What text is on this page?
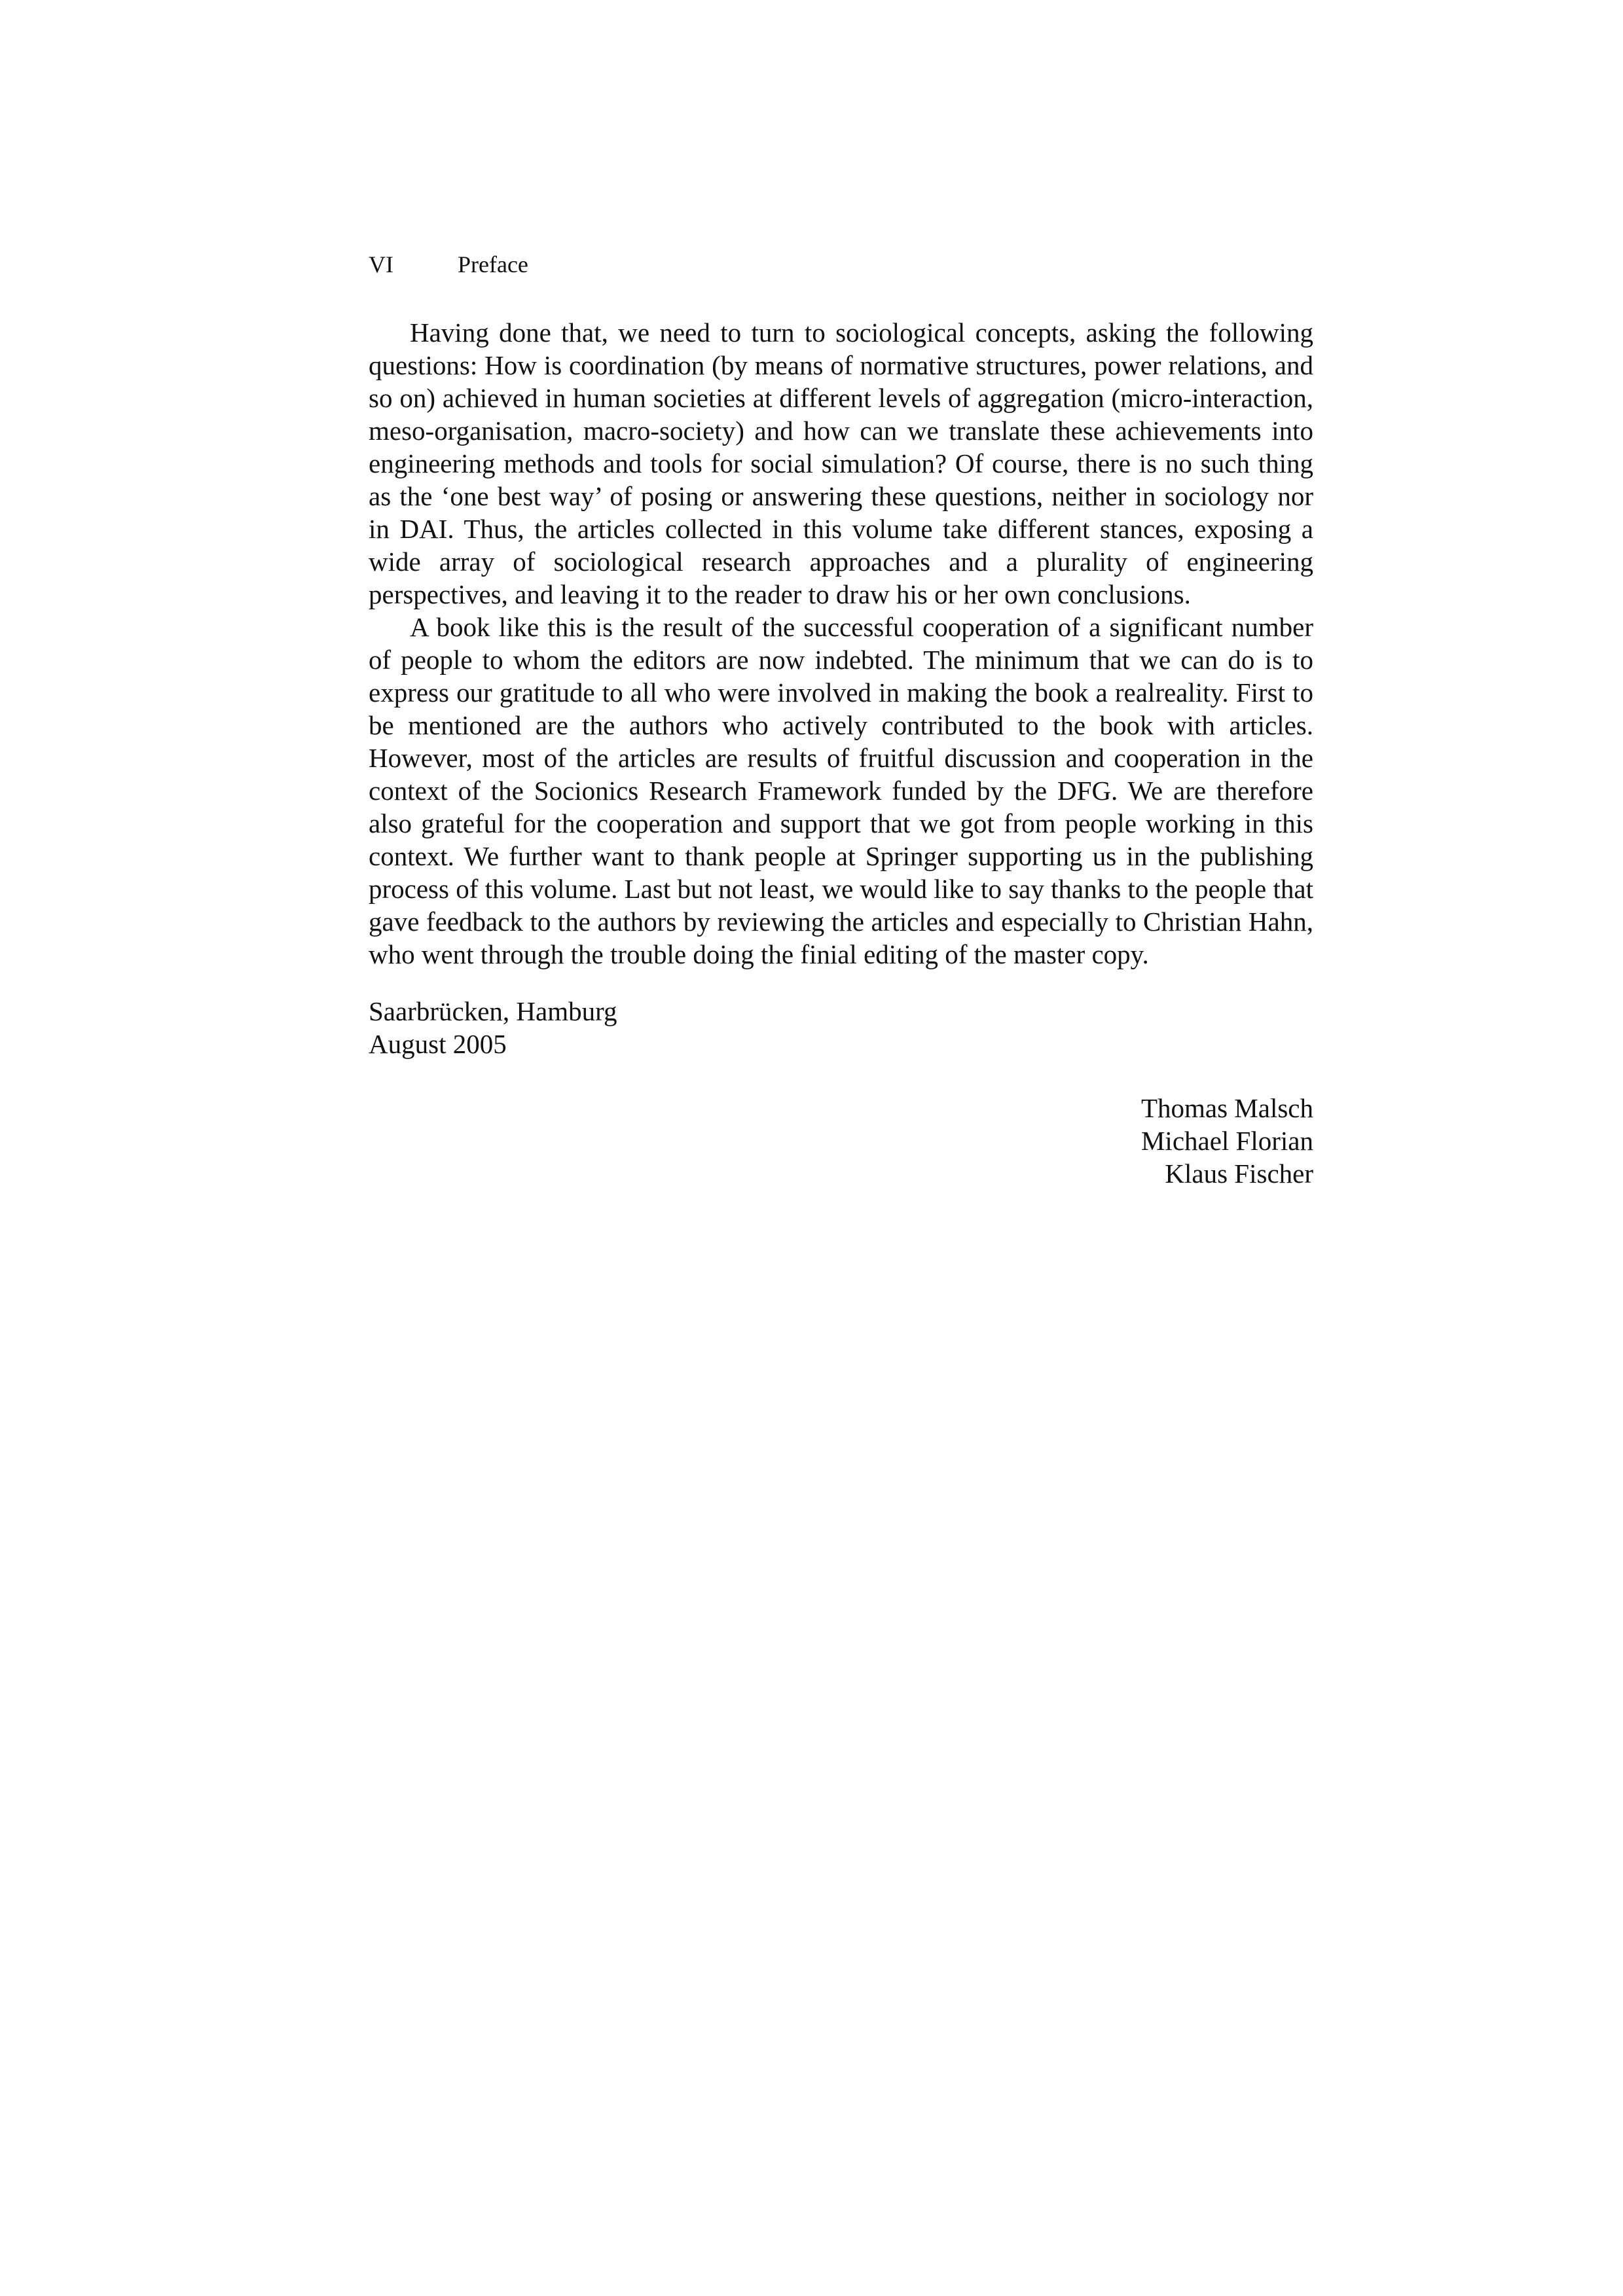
VI	Preface

Having done that, we need to turn to sociological concepts, asking the following questions: How is coordination (by means of normative structures, power relations, and so on) achieved in human societies at different levels of aggregation (micro-interaction, meso-organisation, macro-society) and how can we translate these achievements into engineering methods and tools for social simulation? Of course, there is no such thing as the ‘one best way’ of posing or answering these questions, neither in sociology nor in DAI. Thus, the articles collected in this volume take different stances, exposing a wide array of sociological research approaches and a plurality of engineering perspectives, and leaving it to the reader to draw his or her own conclusions.

A book like this is the result of the successful cooperation of a significant number of people to whom the editors are now indebted. The minimum that we can do is to express our gratitude to all who were involved in making the book a realreality. First to be mentioned are the authors who actively contributed to the book with articles. However, most of the articles are results of fruitful discussion and cooperation in the context of the Socionics Research Framework funded by the DFG. We are therefore also grateful for the cooperation and support that we got from people working in this context. We further want to thank people at Springer supporting us in the publishing process of this volume. Last but not least, we would like to say thanks to the people that gave feedback to the authors by reviewing the articles and especially to Christian Hahn, who went through the trouble doing the finial editing of the master copy.

Saarbrücken, Hamburg
August 2005
Thomas Malsch
Michael Florian
Klaus Fischer
